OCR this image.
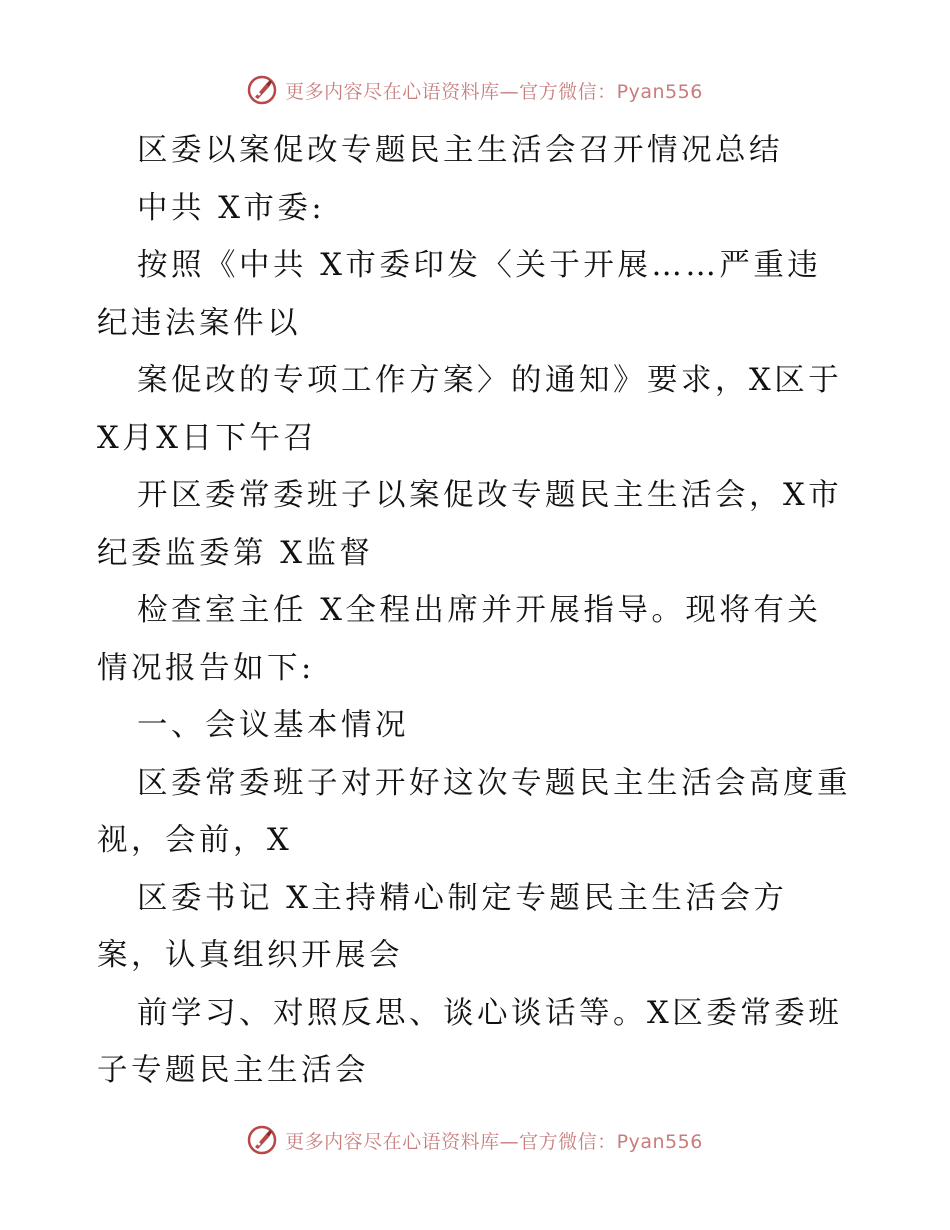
更多内容尽在心语资料库—官方微信：Pyan556
区委以案促改专题民主生活会召开情况总结
中共 X市委:
按照《中共 X市委印发〈关于开展……严重违
纪违法案件以
案促改的专项工作方案〉的通知》要求，X区于
X月X日下午召
开区委常委班子以案促改专题民主生活会，X市
纪委监委第 X监督
检查室主任 X全程出席并开展指导。现将有关
情况报告如下:
一、会议基本情况
区委常委班子对开好这次专题民主生活会高度重
视，会前，X
区委书记 X主持精心制定专题民主生活会方
案，认真组织开展会
前学习、对照反思、谈心谈话等。X区委常委班
子专题民主生活会
更多内容尽在心语资料库—官方微信：Pyan556
